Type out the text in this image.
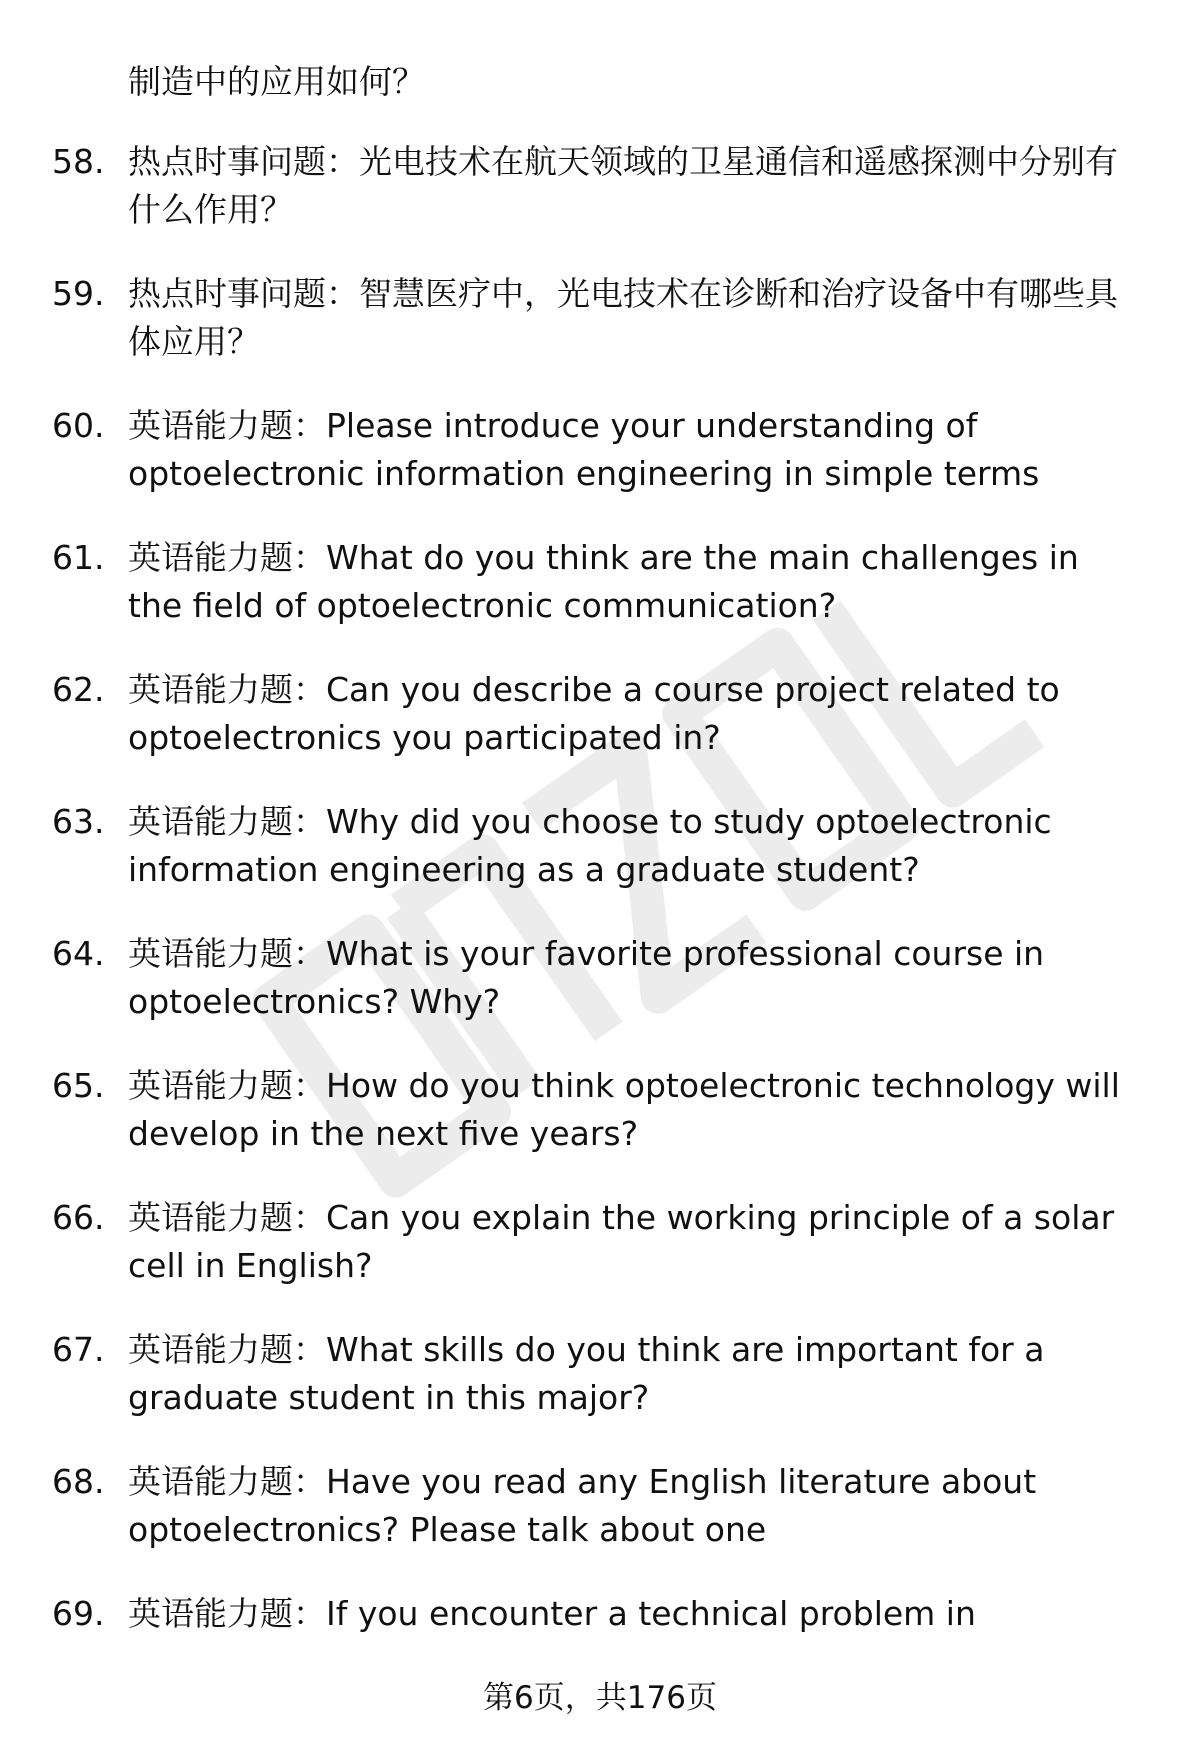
制造中的应用如何？

58. 热点时事问题：光电技术在航天领域的卫星通信和遥感探测中分别有什么作用？

59. 热点时事问题：智慧医疗中，光电技术在诊断和治疗设备中有哪些具体应用？

60. 英语能力题：Please introduce your understanding of optoelectronic information engineering in simple terms

61. 英语能力题：What do you think are the main challenges in the field of optoelectronic communication?

62. 英语能力题：Can you describe a course project related to optoelectronics you participated in?

63. 英语能力题：Why did you choose to study optoelectronic information engineering as a graduate student?

64. 英语能力题：What is your favorite professional course in optoelectronics? Why?

65. 英语能力题：How do you think optoelectronic technology will develop in the next five years?

66. 英语能力题：Can you explain the working principle of a solar cell in English?

67. 英语能力题：What skills do you think are important for a graduate student in this major?

68. 英语能力题：Have you read any English literature about optoelectronics? Please talk about one

69. 英语能力题：If you encounter a technical problem in

第6页，共176页
